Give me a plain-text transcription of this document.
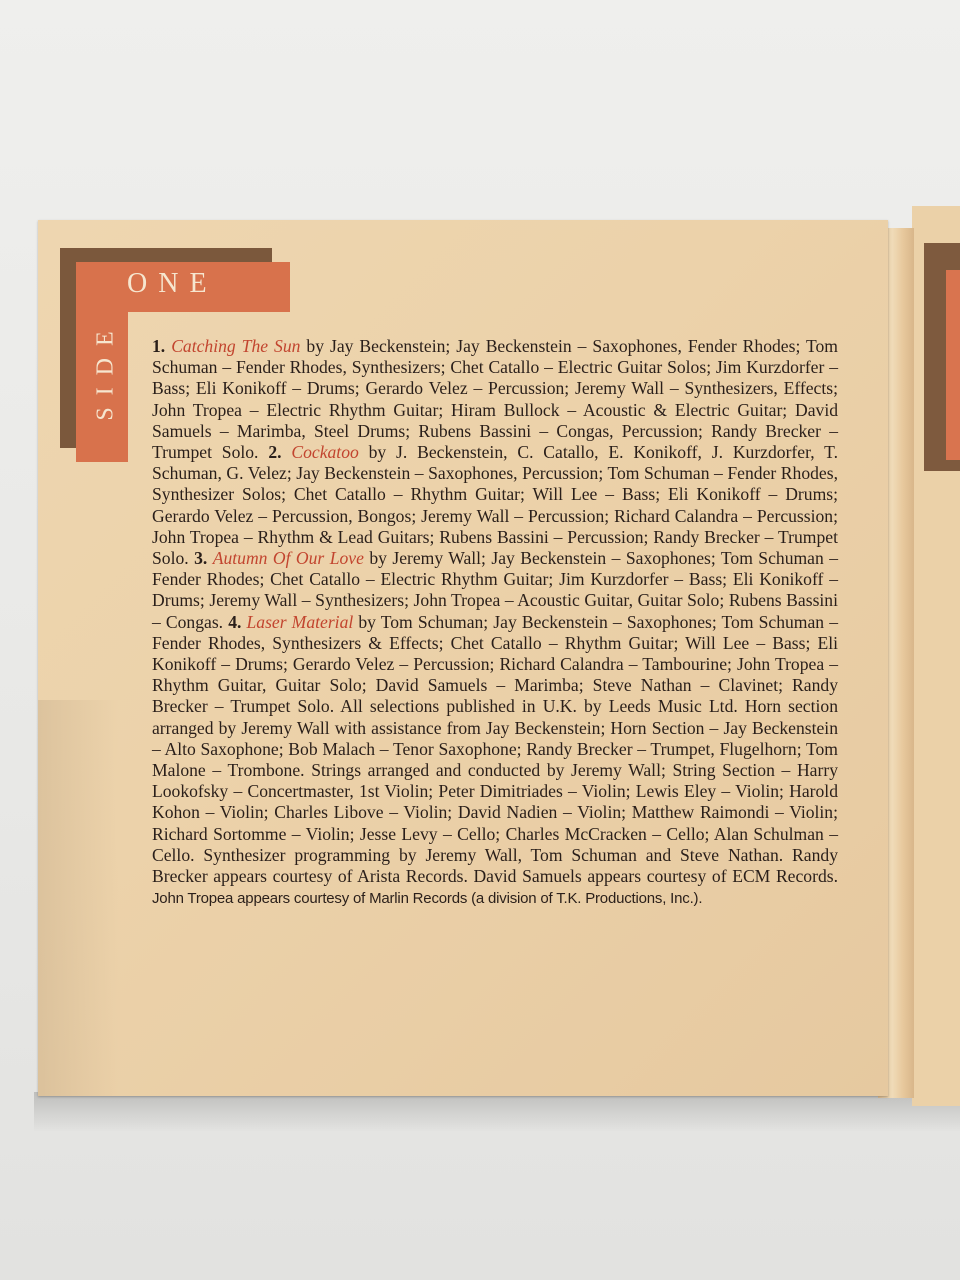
ONE
SIDE 1. Catching The Sun by Jay Beckenstein; Jay Beckenstein – Saxophones, Fender Rhodes; Tom Schuman – Fender Rhodes, Synthesizers; Chet Catallo – Electric Guitar Solos; Jim Kurzdorfer – Bass; Eli Konikoff – Drums; Gerardo Velez – Percussion; Jeremy Wall – Synthesizers, Effects; John Tropea – Electric Rhythm Guitar; Hiram Bullock – Acoustic & Electric Guitar; David Samuels – Marimba, Steel Drums; Rubens Bassini – Congas, Percussion; Randy Brecker – Trumpet Solo. 2. Cockatoo by J. Beckenstein, C. Catallo, E. Konikoff, J. Kurzdorfer, T. Schuman, G. Velez; Jay Beckenstein – Saxophones, Percussion; Tom Schuman – Fender Rhodes, Synthesizer Solos; Chet Catallo – Rhythm Guitar; Will Lee – Bass; Eli Konikoff – Drums; Gerardo Velez – Percussion, Bongos; Jeremy Wall – Percussion; Richard Calandra – Percussion; John Tropea – Rhythm & Lead Guitars; Rubens Bassini – Percussion; Randy Brecker – Trumpet Solo. 3. Autumn Of Our Love by Jeremy Wall; Jay Beckenstein – Saxophones; Tom Schuman – Fender Rhodes; Chet Catallo – Electric Rhythm Guitar; Jim Kurzdorfer – Bass; Eli Konikoff – Drums; Jeremy Wall – Synthesizers; John Tropea – Acoustic Guitar, Guitar Solo; Rubens Bassini – Congas. 4. Laser Material by Tom Schuman; Jay Beckenstein – Saxophones; Tom Schuman – Fender Rhodes, Synthesizers & Effects; Chet Catallo – Rhythm Guitar; Will Lee – Bass; Eli Konikoff – Drums; Gerardo Velez – Percussion; Richard Calandra – Tambourine; John Tropea – Rhythm Guitar, Guitar Solo; David Samuels – Marimba; Steve Nathan – Clavinet; Randy Brecker – Trumpet Solo. All selections published in U.K. by Leeds Music Ltd. Horn section arranged by Jeremy Wall with assistance from Jay Beckenstein; Horn Section – Jay Beckenstein – Alto Saxophone; Bob Malach – Tenor Saxophone; Randy Brecker – Trumpet, Flugelhorn; Tom Malone – Trombone. Strings arranged and conducted by Jeremy Wall; String Section – Harry Lookofsky – Concertmaster, 1st Violin; Peter Dimitriades – Violin; Lewis Eley – Violin; Harold Kohon – Violin; Charles Libove – Violin; David Nadien – Violin; Matthew Raimondi – Violin; Richard Sortomme – Violin; Jesse Levy – Cello; Charles McCracken – Cello; Alan Schulman – Cello. Synthesizer programming by Jeremy Wall, Tom Schuman and Steve Nathan. Randy Brecker appears courtesy of Arista Records. David Samuels appears courtesy of ECM Records. John Tropea appears courtesy of Marlin Records (a division of T.K. Productions, Inc.).
